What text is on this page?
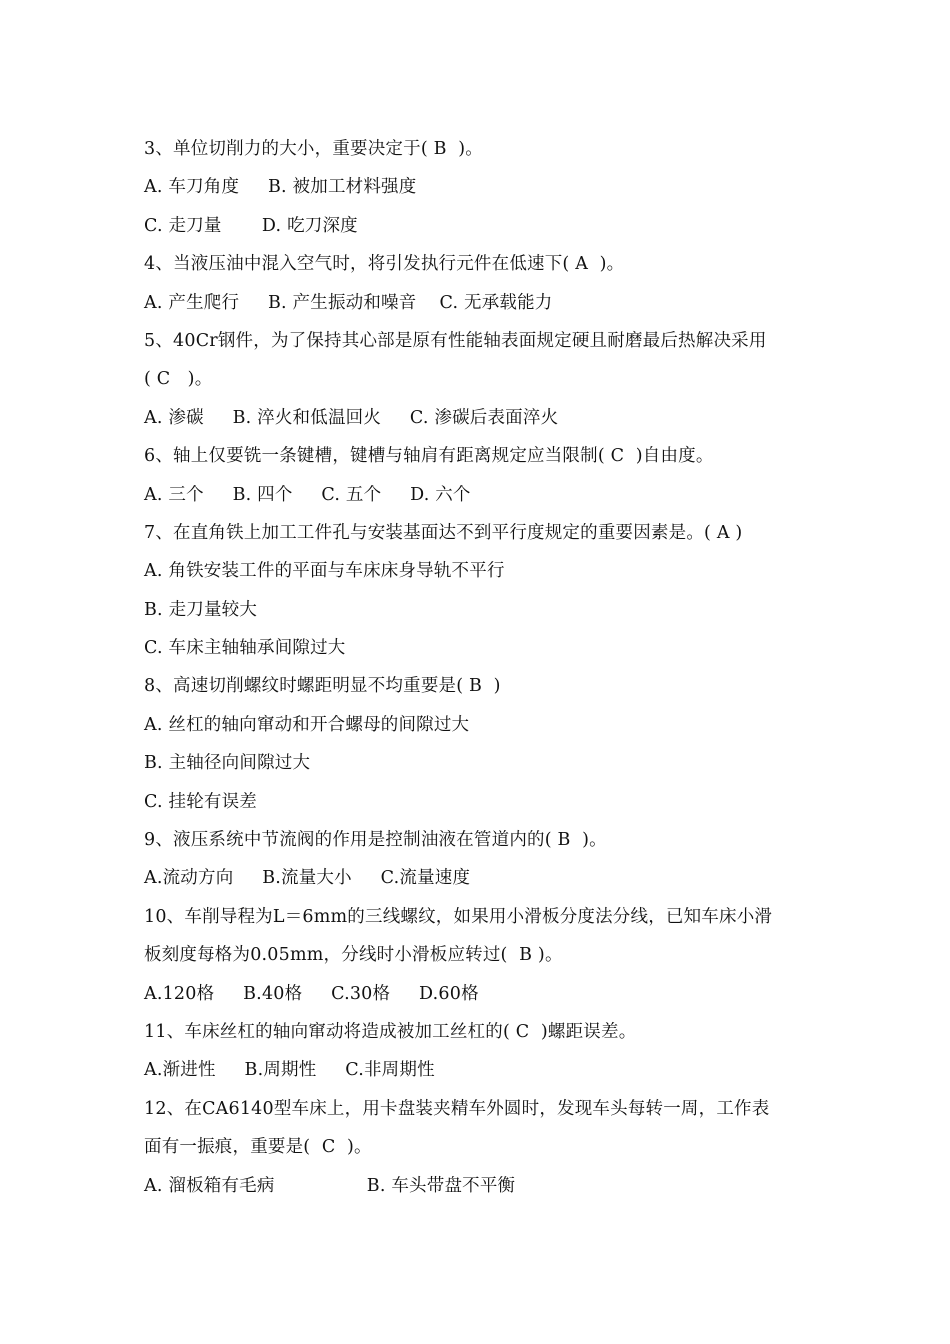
3、单位切削力的大小，重要决定于( B  )。
A. 车刀角度     B. 被加工材料强度
C. 走刀量       D. 吃刀深度
4、当液压油中混入空气时，将引发执行元件在低速下( A  )。
A. 产生爬行     B. 产生振动和噪音    C. 无承载能力
5、40Cr钢件，为了保持其心部是原有性能轴表面规定硬且耐磨最后热解决采用
( C   )。
A. 渗碳     B. 淬火和低温回火     C. 渗碳后表面淬火
6、轴上仅要铣一条键槽，键槽与轴肩有距离规定应当限制( C  )自由度。
A. 三个     B. 四个     C. 五个     D. 六个
7、在直角铁上加工工件孔与安装基面达不到平行度规定的重要因素是。( A )
A. 角铁安装工件的平面与车床床身导轨不平行
B. 走刀量较大
C. 车床主轴轴承间隙过大
8、高速切削螺纹时螺距明显不均重要是( B  )
A. 丝杠的轴向窜动和开合螺母的间隙过大
B. 主轴径向间隙过大
C. 挂轮有误差
9、液压系统中节流阀的作用是控制油液在管道内的( B  )。
A.流动方向     B.流量大小     C.流量速度
10、车削导程为L＝6mm的三线螺纹，如果用小滑板分度法分线，已知车床小滑
板刻度每格为0.05mm，分线时小滑板应转过(  B )。
A.120格     B.40格     C.30格     D.60格
11、车床丝杠的轴向窜动将造成被加工丝杠的( C  )螺距误差。
A.渐进性     B.周期性     C.非周期性
12、在CA6140型车床上，用卡盘装夹精车外圆时，发现车头每转一周，工作表
面有一振痕，重要是(  C  )。
A. 溜板箱有毛病                B. 车头带盘不平衡
